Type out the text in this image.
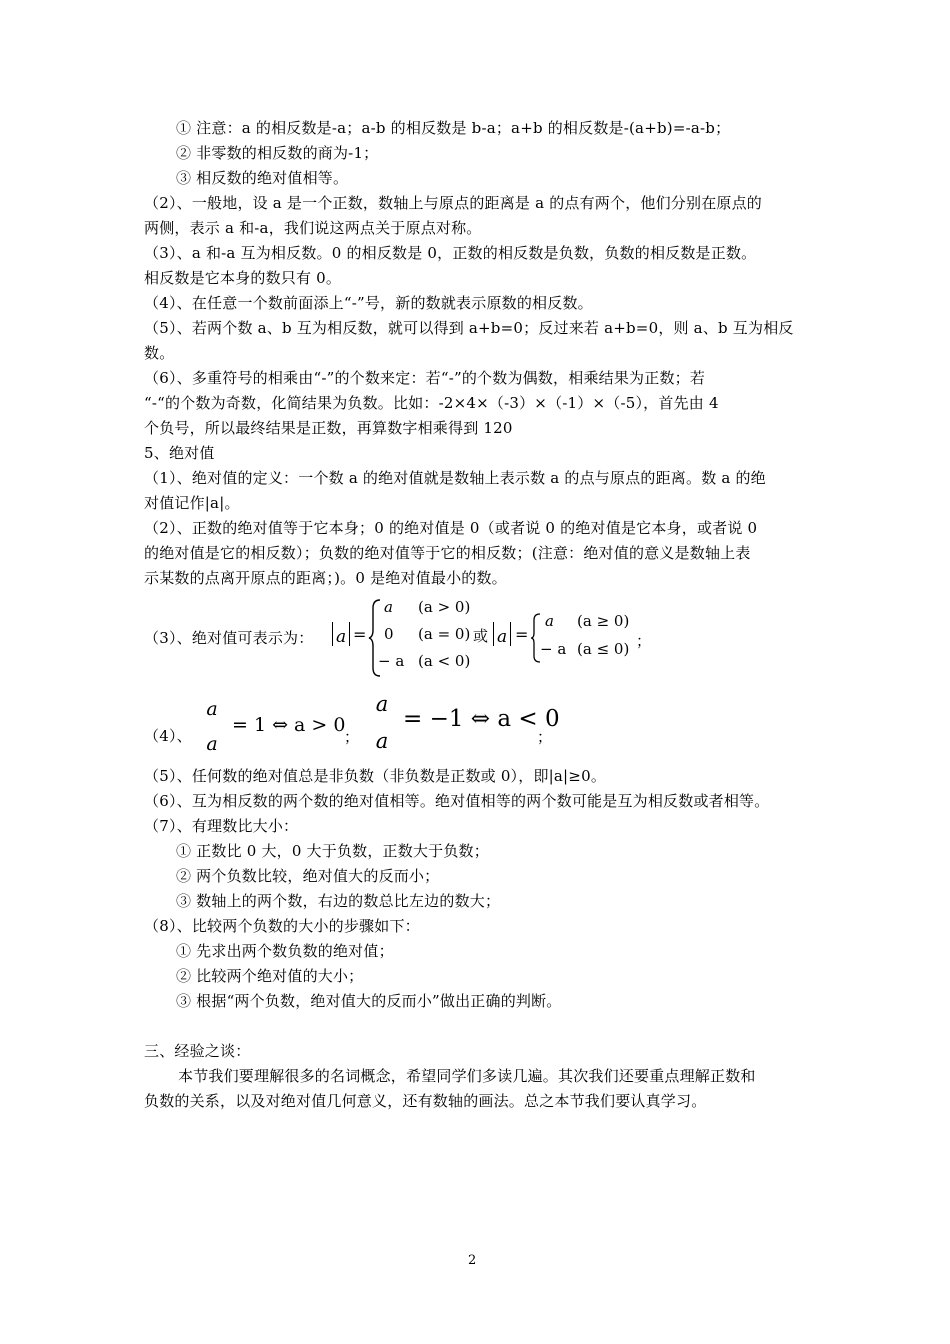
① 注意：a 的相反数是-a；a-b 的相反数是 b-a；a+b 的相反数是-(a+b)=-a-b；
② 非零数的相反数的商为-1；
③ 相反数的绝对值相等。
（2）、一般地，设 a 是一个正数，数轴上与原点的距离是 a 的点有两个，他们分别在原点的
两侧，表示 a 和-a，我们说这两点关于原点对称。
（3）、a 和-a 互为相反数。0 的相反数是 0，正数的相反数是负数，负数的相反数是正数。
相反数是它本身的数只有 0。
（4）、在任意一个数前面添上“-”号，新的数就表示原数的相反数。
（5）、若两个数 a、b 互为相反数，就可以得到 a+b=0；反过来若 a+b=0，则 a、b 互为相反
数。
（6）、多重符号的相乘由“-”的个数来定：若“-”的个数为偶数，相乘结果为正数；若
“-“的个数为奇数，化简结果为负数。比如：-2×4×（-3）×（-1）×（-5），首先由 4
个负号，所以最终结果是正数，再算数字相乘得到 120
5、绝对值
（1）、绝对值的定义：一个数 a 的绝对值就是数轴上表示数 a 的点与原点的距离。数 a 的绝
对值记作|a|。
（2）、正数的绝对值等于它本身；0 的绝对值是 0（或者说 0 的绝对值是它本身，或者说 0
的绝对值是它的相反数）；负数的绝对值等于它的相反数；(注意：绝对值的意义是数轴上表
示某数的点离开原点的距离；)。0 是绝对值最小的数。
（3）、绝对值可表示为：	a =
a (a > 0)
0 (a = 0)
− a (a < 0)
或 a =
a (a ≥ 0)
− a (a ≤ 0) ；
（4）、
a
a
= 1 ⇔ a > 0
；
a
a
= −1 ⇔ a < 0
；
（5）、任何数的绝对值总是非负数（非负数是正数或 0），即|a|≥0。
（6）、互为相反数的两个数的绝对值相等。绝对值相等的两个数可能是互为相反数或者相等。
（7）、有理数比大小：
① 正数比 0 大，0 大于负数，正数大于负数；
② 两个负数比较，绝对值大的反而小；
③ 数轴上的两个数，右边的数总比左边的数大；
（8）、比较两个负数的大小的步骤如下：
① 先求出两个数负数的绝对值；
② 比较两个绝对值的大小；
③ 根据“两个负数，绝对值大的反而小”做出正确的判断。
三、经验之谈：
本节我们要理解很多的名词概念，希望同学们多读几遍。其次我们还要重点理解正数和
负数的关系，以及对绝对值几何意义，还有数轴的画法。总之本节我们要认真学习。
2
